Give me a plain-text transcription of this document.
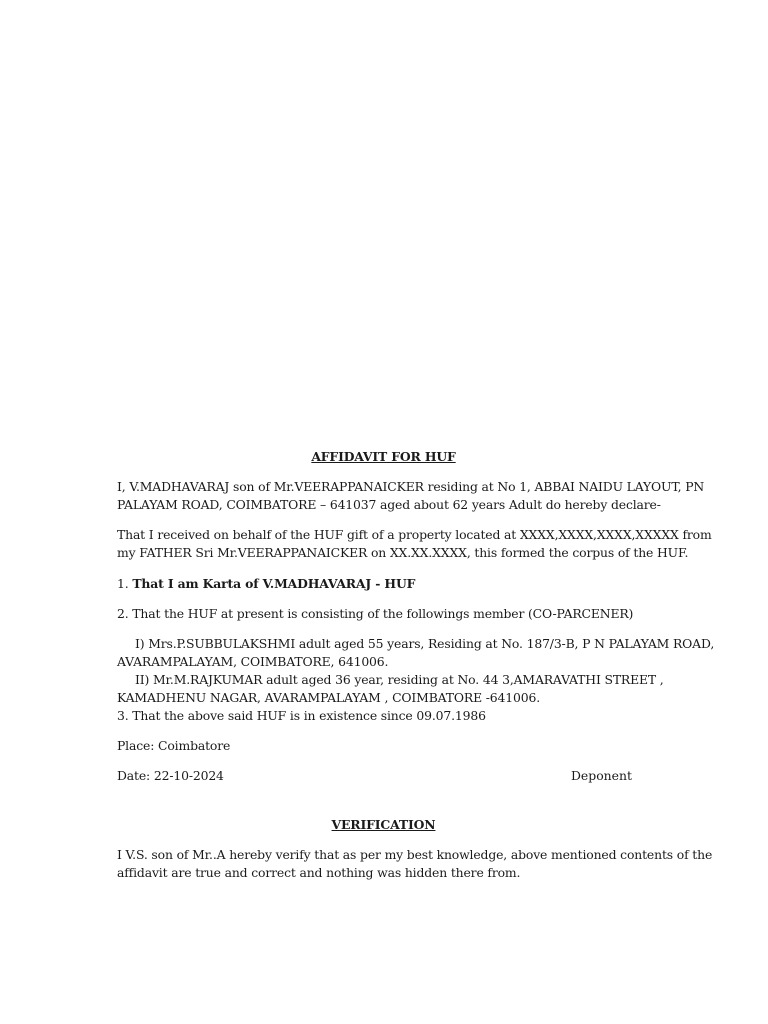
AFFIDAVIT FOR HUF
I, V.MADHAVARAJ son of Mr.VEERAPPANAICKER residing at No 1, ABBAI NAIDU LAYOUT, PN
PALAYAM ROAD, COIMBATORE – 641037 aged about 62 years Adult do hereby declare-
That I received on behalf of the HUF gift of a property located at XXXX,XXXX,XXXX,XXXXX from
my FATHER Sri Mr.VEERAPPANAICKER on XX.XX.XXXX, this formed the corpus of the HUF.
1. That I am Karta of V.MADHAVARAJ - HUF
2. That the HUF at present is consisting of the followings member (CO-PARCENER)
I) Mrs.P.SUBBULAKSHMI adult aged 55 years, Residing at No. 187/3-B, P N PALAYAM ROAD,
AVARAMPALAYAM, COIMBATORE, 641006.
II) Mr.M.RAJKUMAR adult aged 36 year, residing at No. 44 3,AMARAVATHI STREET ,
KAMADHENU NAGAR, AVARAMPALAYAM , COIMBATORE -641006.
3. That the above said HUF is in existence since 09.07.1986
Place: Coimbatore
Date: 22-10-2024	Deponent
VERIFICATION
I V.S. son of Mr..A hereby verify that as per my best knowledge, above mentioned contents of the
affidavit are true and correct and nothing was hidden there from.
